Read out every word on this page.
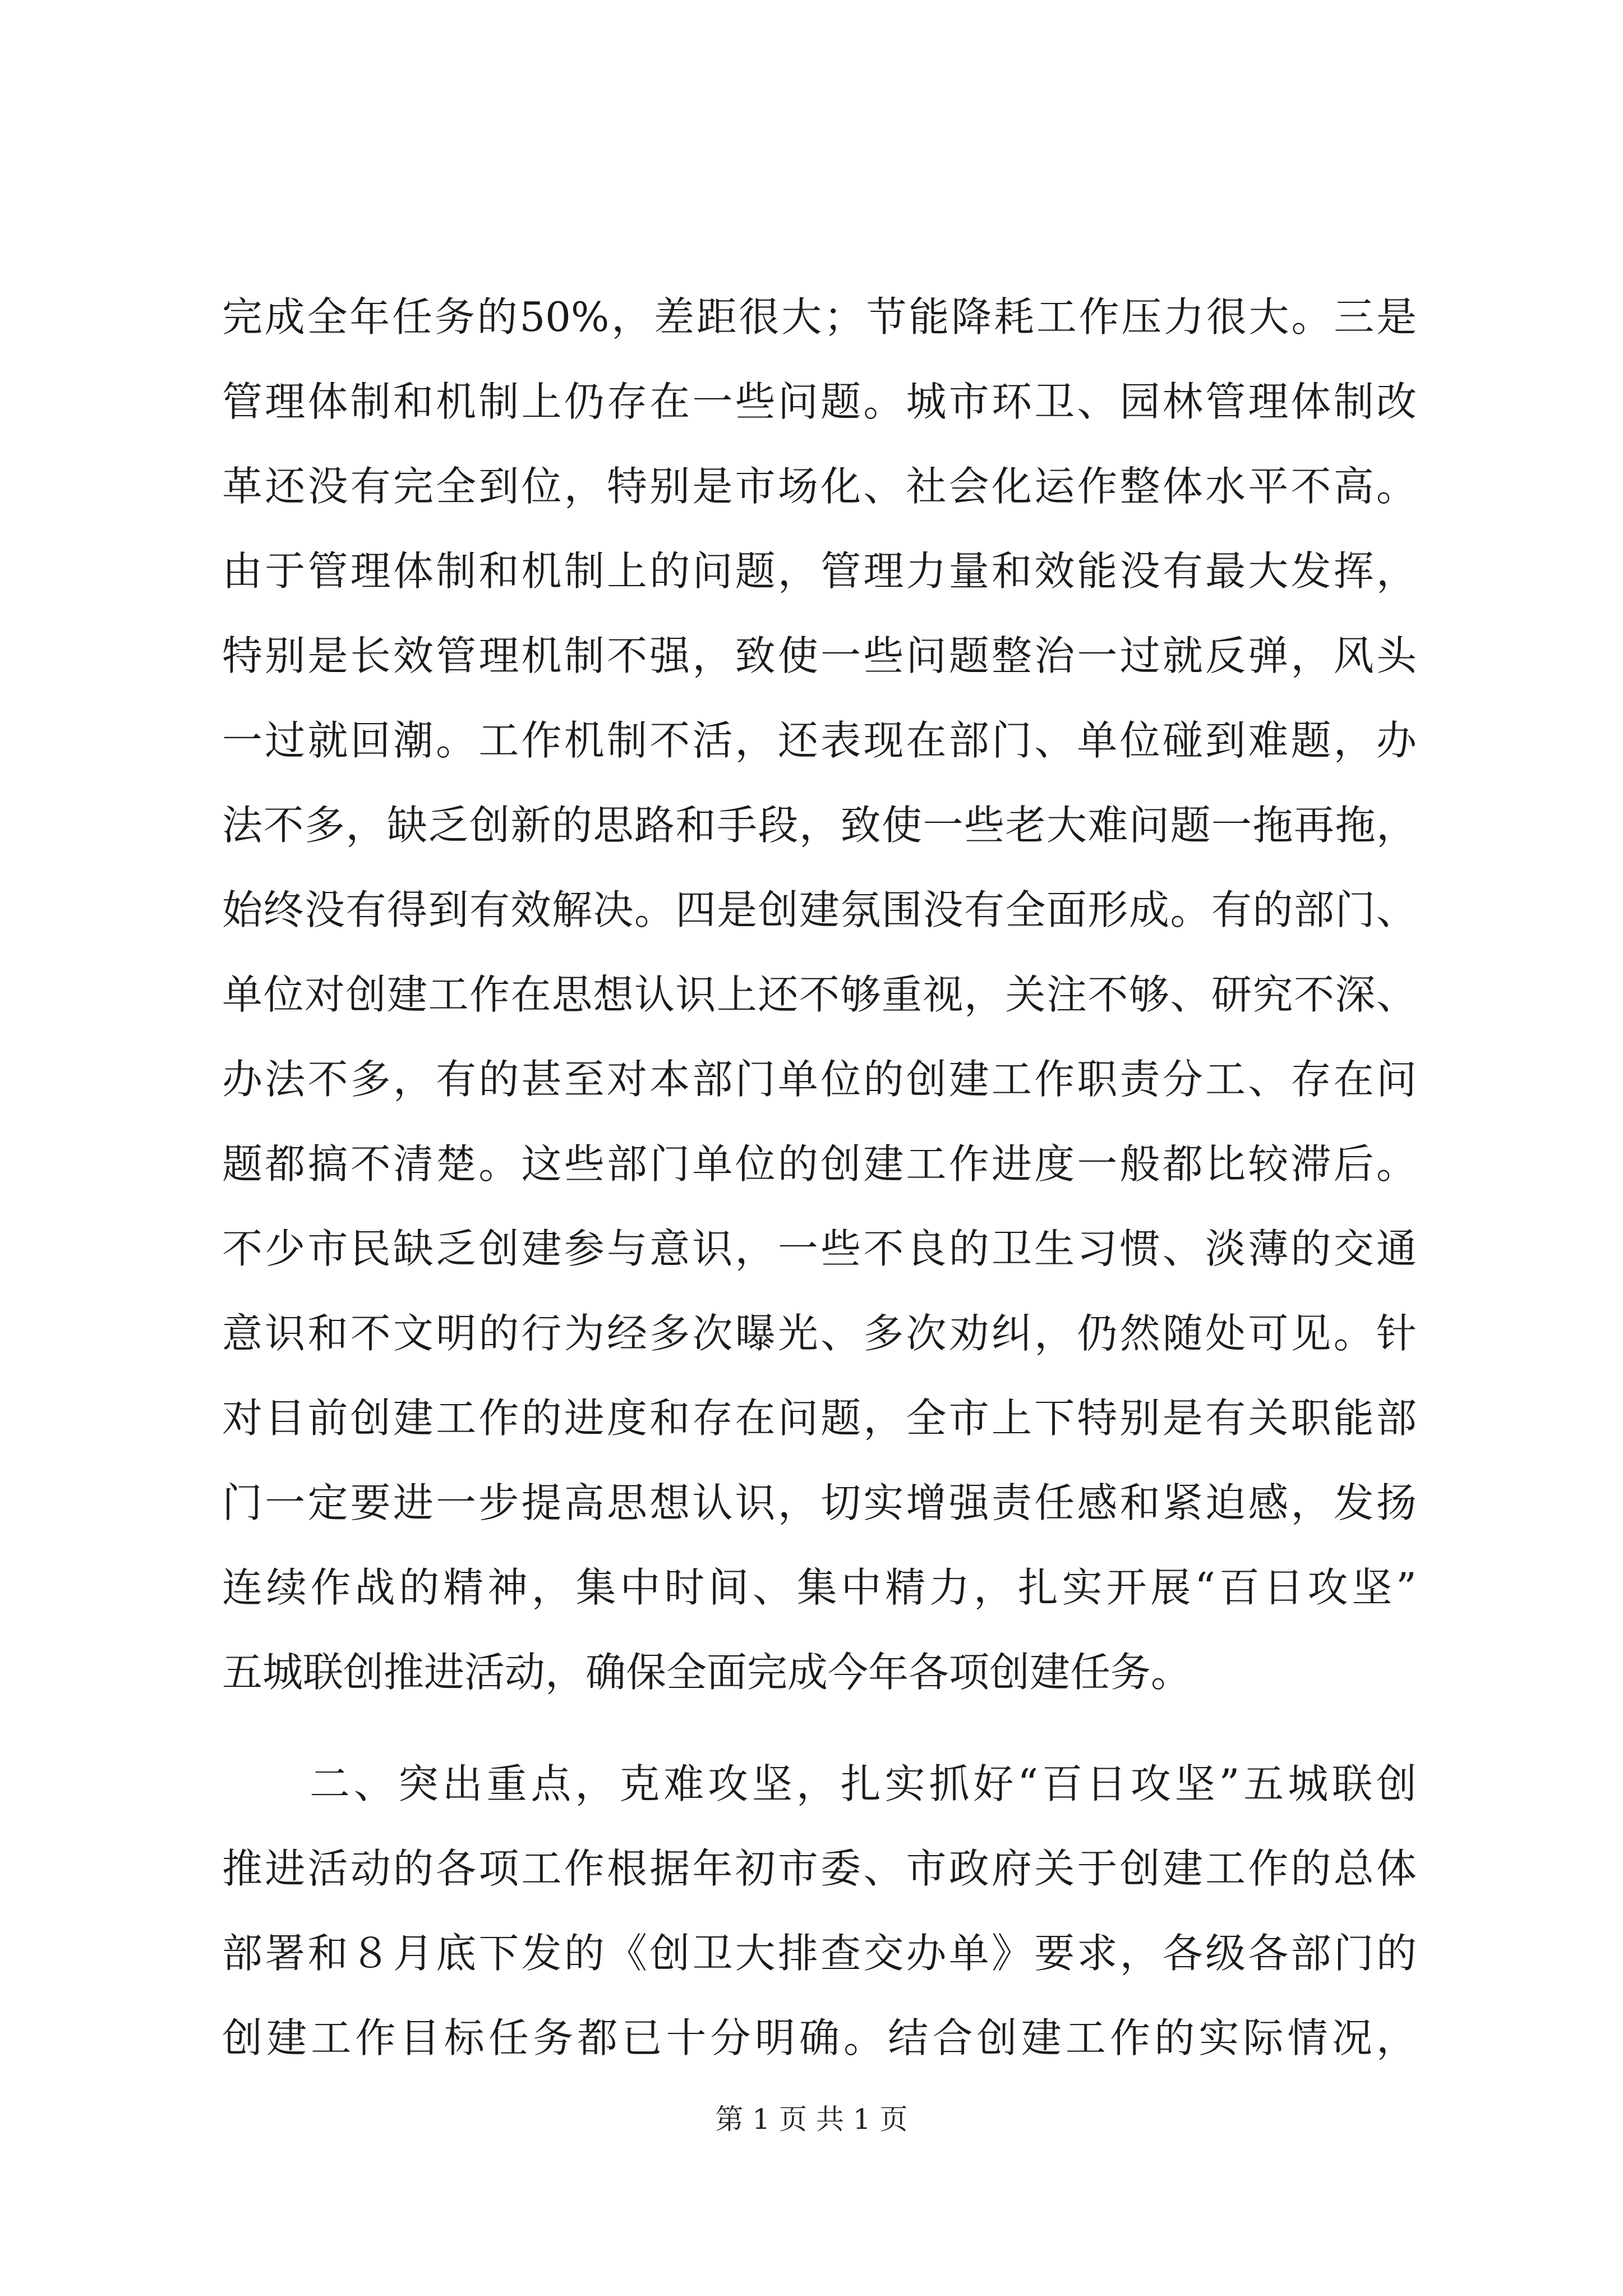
完成全年任务的50%，差距很大；节能降耗工作压力很大。三是
管理体制和机制上仍存在一些问题。城市环卫、园林管理体制改
革还没有完全到位，特别是市场化、社会化运作整体水平不高。
由于管理体制和机制上的问题，管理力量和效能没有最大发挥，
特别是长效管理机制不强，致使一些问题整治一过就反弹，风头
一过就回潮。工作机制不活，还表现在部门、单位碰到难题，办
法不多，缺乏创新的思路和手段，致使一些老大难问题一拖再拖，
始终没有得到有效解决。四是创建氛围没有全面形成。有的部门、
单位对创建工作在思想认识上还不够重视，关注不够、研究不深、
办法不多，有的甚至对本部门单位的创建工作职责分工、存在问
题都搞不清楚。这些部门单位的创建工作进度一般都比较滞后。
不少市民缺乏创建参与意识，一些不良的卫生习惯、淡薄的交通
意识和不文明的行为经多次曝光、多次劝纠，仍然随处可见。针
对目前创建工作的进度和存在问题，全市上下特别是有关职能部
门一定要进一步提高思想认识，切实增强责任感和紧迫感，发扬
连续作战的精神，集中时间、集中精力，扎实开展“百日攻坚”
五城联创推进活动，确保全面完成今年各项创建任务。
二、突出重点，克难攻坚，扎实抓好“百日攻坚”五城联创
推进活动的各项工作根据年初市委、市政府关于创建工作的总体
部署和８月底下发的《创卫大排查交办单》要求，各级各部门的
创建工作目标任务都已十分明确。结合创建工作的实际情况，
第 1 页 共 1 页
